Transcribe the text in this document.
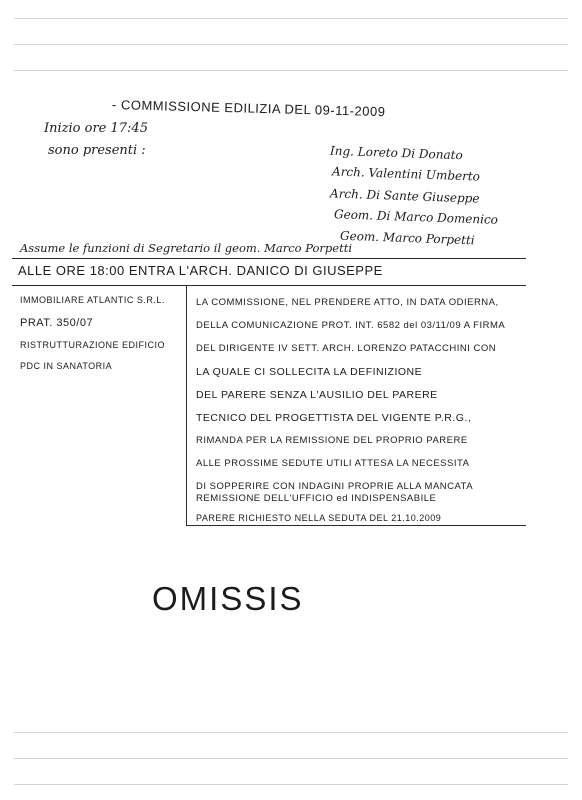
- COMMISSIONE EDILIZIA DEL 09-11-2009
Inizio ore 17:45
sono presenti :	Ing. Loreto Di Donato
Arch. Valentini Umberto
Arch. Di Sante Giuseppe
Geom. Di Marco Domenico
Geom. Marco Porpetti
Assume le funzioni di Segretario il geom. Marco Porpetti
ALLE ORE 18:00 ENTRA L'ARCH. DANICO DI GIUSEPPE
IMMOBILIARE ATLANTIC S.R.L.
PRAT. 350/07
RISTRUTTURAZIONE EDIFICIO
PDC IN SANATORIA
LA COMMISSIONE, NEL PRENDERE ATTO, IN DATA ODIERNA,
DELLA COMUNICAZIONE PROT. INT. 6582 del 03/11/09 A FIRMA
DEL DIRIGENTE IV SETT. ARCH. LORENZO PATACCHINI CON
LA QUALE CI SOLLECITA LA DEFINIZIONE
DEL PARERE SENZA L'AUSILIO DEL PARERE
TECNICO DEL PROGETTISTA DEL VIGENTE P.R.G.,
RIMANDA PER LA REMISSIONE DEL PROPRIO PARERE
ALLE PROSSIME SEDUTE UTILI ATTESA LA NECESSITA
DI SOPPERIRE CON INDAGINI PROPRIE ALLA MANCATA
REMISSIONE DELL'UFFICIO ed INDISPENSABILE
PARERE RICHIESTO NELLA SEDUTA DEL 21.10.2009
OMISSIS
